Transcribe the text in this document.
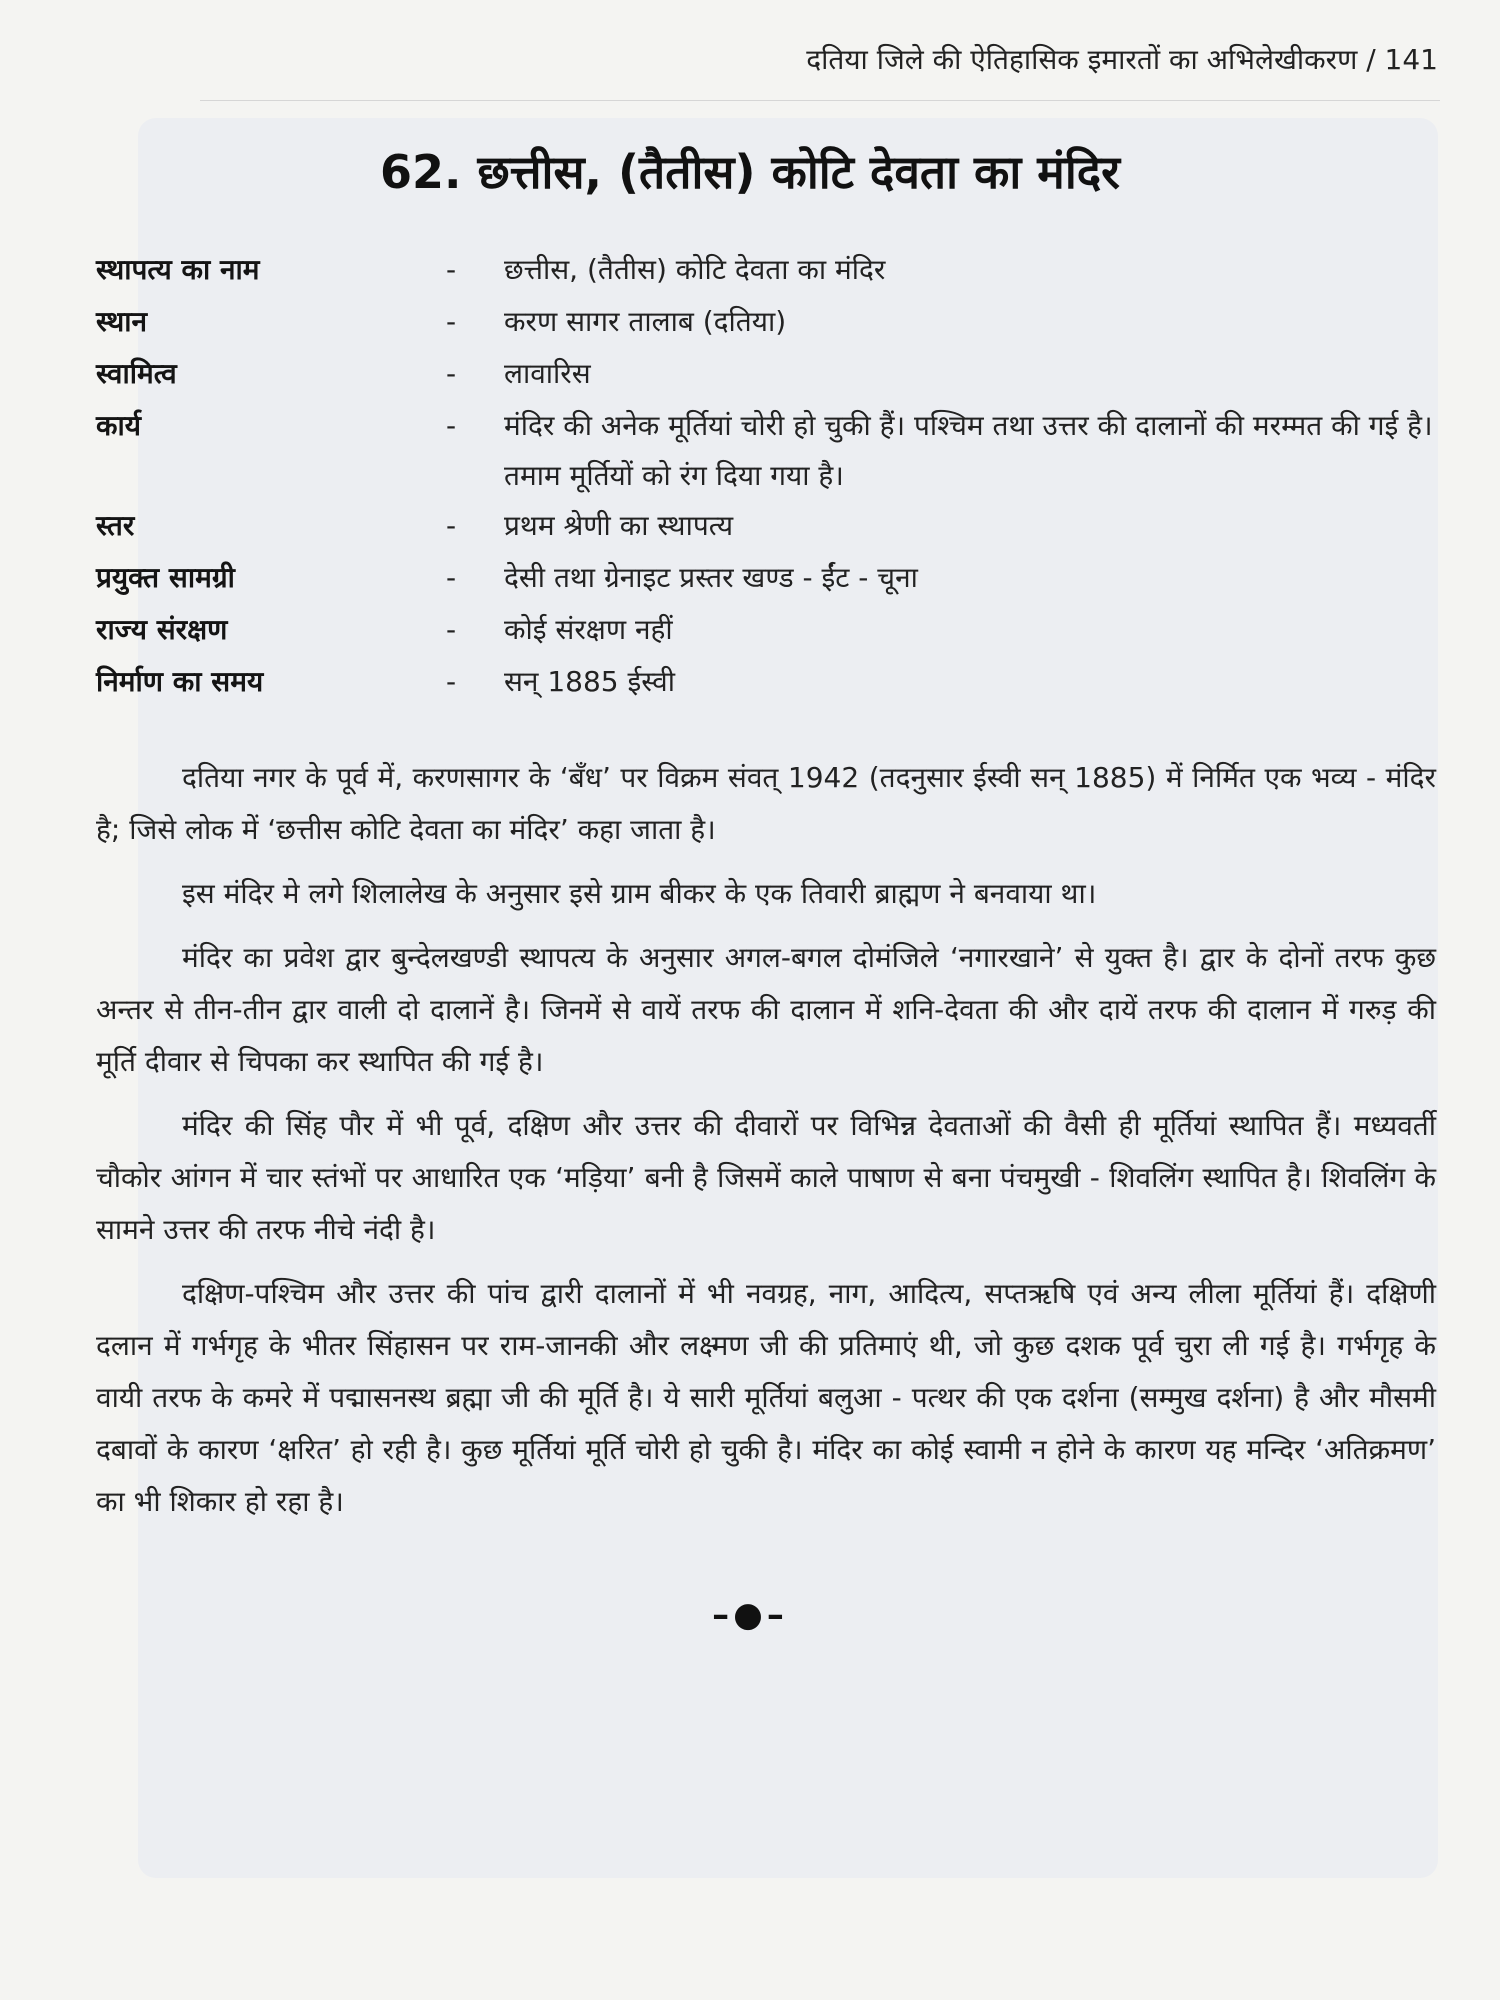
दतिया जिले की ऐतिहासिक इमारतों का अभिलेखीकरण / 141
62. छत्तीस, (तैतीस) कोटि देवता का मंदिर
स्थापत्य का नाम	-	छत्तीस, (तैतीस) कोटि देवता का मंदिर
स्थान	-	करण सागर तालाब (दतिया)
स्वामित्व	-	लावारिस
कार्य	-	मंदिर की अनेक मूर्तियां चोरी हो चुकी हैं। पश्चिम तथा उत्तर की दालानों की मरम्मत की गई है। तमाम मूर्तियों को रंग दिया गया है।
स्तर	-	प्रथम श्रेणी का स्थापत्य
प्रयुक्त सामग्री	-	देसी तथा ग्रेनाइट प्रस्तर खण्ड - ईंट - चूना
राज्य संरक्षण	-	कोई संरक्षण नहीं
निर्माण का समय	-	सन् 1885 ईस्वी

दतिया नगर के पूर्व में, करणसागर के ‘बँध’ पर विक्रम संवत् 1942 (तदनुसार ईस्वी सन् 1885) में निर्मित एक भव्य - मंदिर है; जिसे लोक में ‘छत्तीस कोटि देवता का मंदिर’ कहा जाता है।

इस मंदिर मे लगे शिलालेख के अनुसार इसे ग्राम बीकर के एक तिवारी ब्राह्मण ने बनवाया था।

मंदिर का प्रवेश द्वार बुन्देलखण्डी स्थापत्य के अनुसार अगल-बगल दोमंजिले ‘नगारखाने’ से युक्त है। द्वार के दोनों तरफ कुछ अन्तर से तीन-तीन द्वार वाली दो दालानें है। जिनमें से वायें तरफ की दालान में शनि-देवता की और दायें तरफ की दालान में गरुड़ की मूर्ति दीवार से चिपका कर स्थापित की गई है।

मंदिर की सिंह पौर में भी पूर्व, दक्षिण और उत्तर की दीवारों पर विभिन्न देवताओं की वैसी ही मूर्तियां स्थापित हैं। मध्यवर्ती चौकोर आंगन में चार स्तंभों पर आधारित एक ‘मड़िया’ बनी है जिसमें काले पाषाण से बना पंचमुखी - शिवलिंग स्थापित है। शिवलिंग के सामने उत्तर की तरफ नीचे नंदी है।

दक्षिण-पश्चिम और उत्तर की पांच द्वारी दालानों में भी नवग्रह, नाग, आदित्य, सप्तऋषि एवं अन्य लीला मूर्तियां हैं। दक्षिणी दलान में गर्भगृह के भीतर सिंहासन पर राम-जानकी और लक्ष्मण जी की प्रतिमाएं थी, जो कुछ दशक पूर्व चुरा ली गई है। गर्भगृह के वायी तरफ के कमरे में पद्मासनस्थ ब्रह्मा जी की मूर्ति है। ये सारी मूर्तियां बलुआ - पत्थर की एक दर्शना (सम्मुख दर्शना) है और मौसमी दबावों के कारण ‘क्षरित’ हो रही है। कुछ मूर्तियां मूर्ति चोरी हो चुकी है। मंदिर का कोई स्वामी न होने के कारण यह मन्दिर ‘अतिक्रमण’ का भी शिकार हो रहा है।

–●–
